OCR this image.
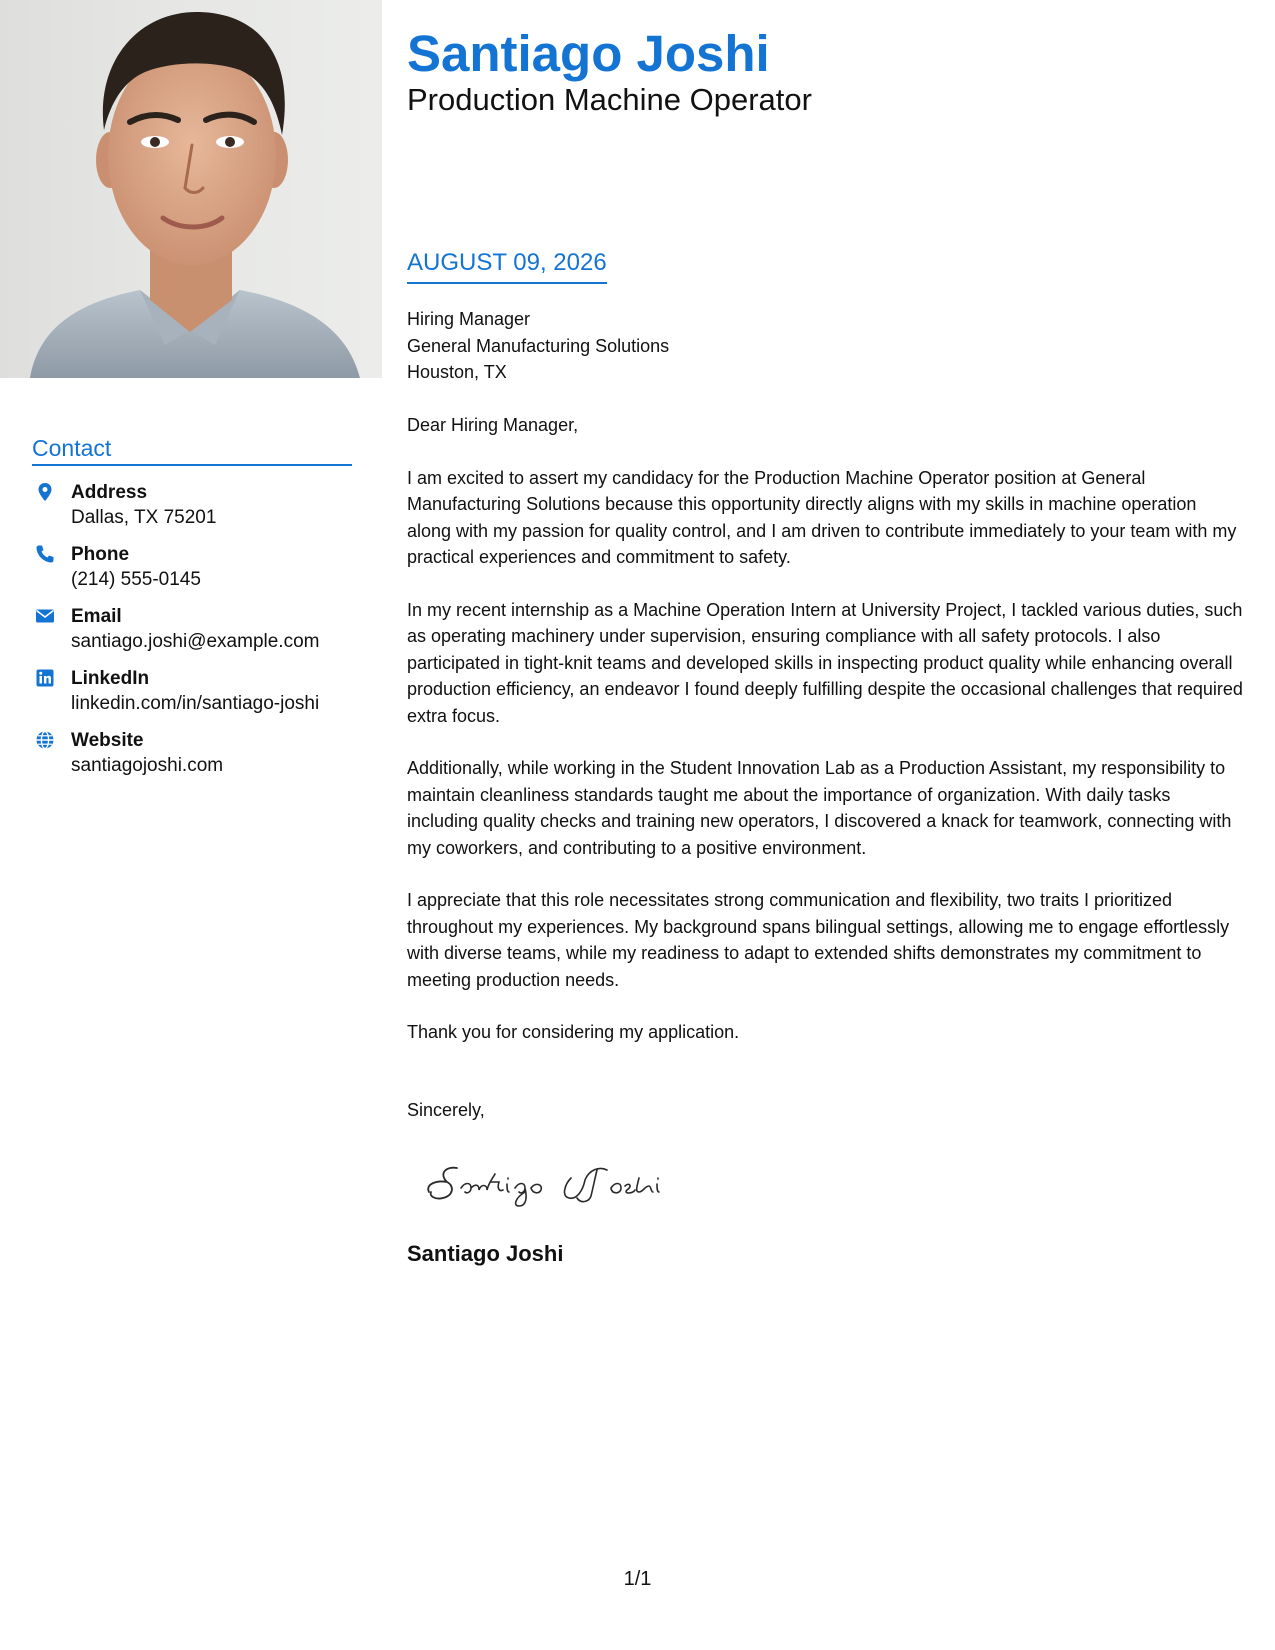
Contact
Address
Dallas, TX 75201
Phone
(214) 555-0145
Email
santiago.joshi@example.com
LinkedIn
linkedin.com/in/santiago-joshi
Website
santiagojoshi.com
Santiago Joshi
Production Machine Operator
AUGUST 09, 2026
Hiring Manager
General Manufacturing Solutions
Houston, TX
Dear Hiring Manager,

I am excited to assert my candidacy for the Production Machine Operator position at General Manufacturing Solutions because this opportunity directly aligns with my skills in machine operation along with my passion for quality control, and I am driven to contribute immediately to your team with my practical experiences and commitment to safety.

In my recent internship as a Machine Operation Intern at University Project, I tackled various duties, such as operating machinery under supervision, ensuring compliance with all safety protocols. I also participated in tight-knit teams and developed skills in inspecting product quality while enhancing overall production efficiency, an endeavor I found deeply fulfilling despite the occasional challenges that required extra focus.

Additionally, while working in the Student Innovation Lab as a Production Assistant, my responsibility to maintain cleanliness standards taught me about the importance of organization. With daily tasks including quality checks and training new operators, I discovered a knack for teamwork, connecting with my coworkers, and contributing to a positive environment.

I appreciate that this role necessitates strong communication and flexibility, two traits I prioritized throughout my experiences. My background spans bilingual settings, allowing me to engage effortlessly with diverse teams, while my readiness to adapt to extended shifts demonstrates my commitment to meeting production needs.

Thank you for considering my application.

Sincerely,
Santiago Joshi
1/1
